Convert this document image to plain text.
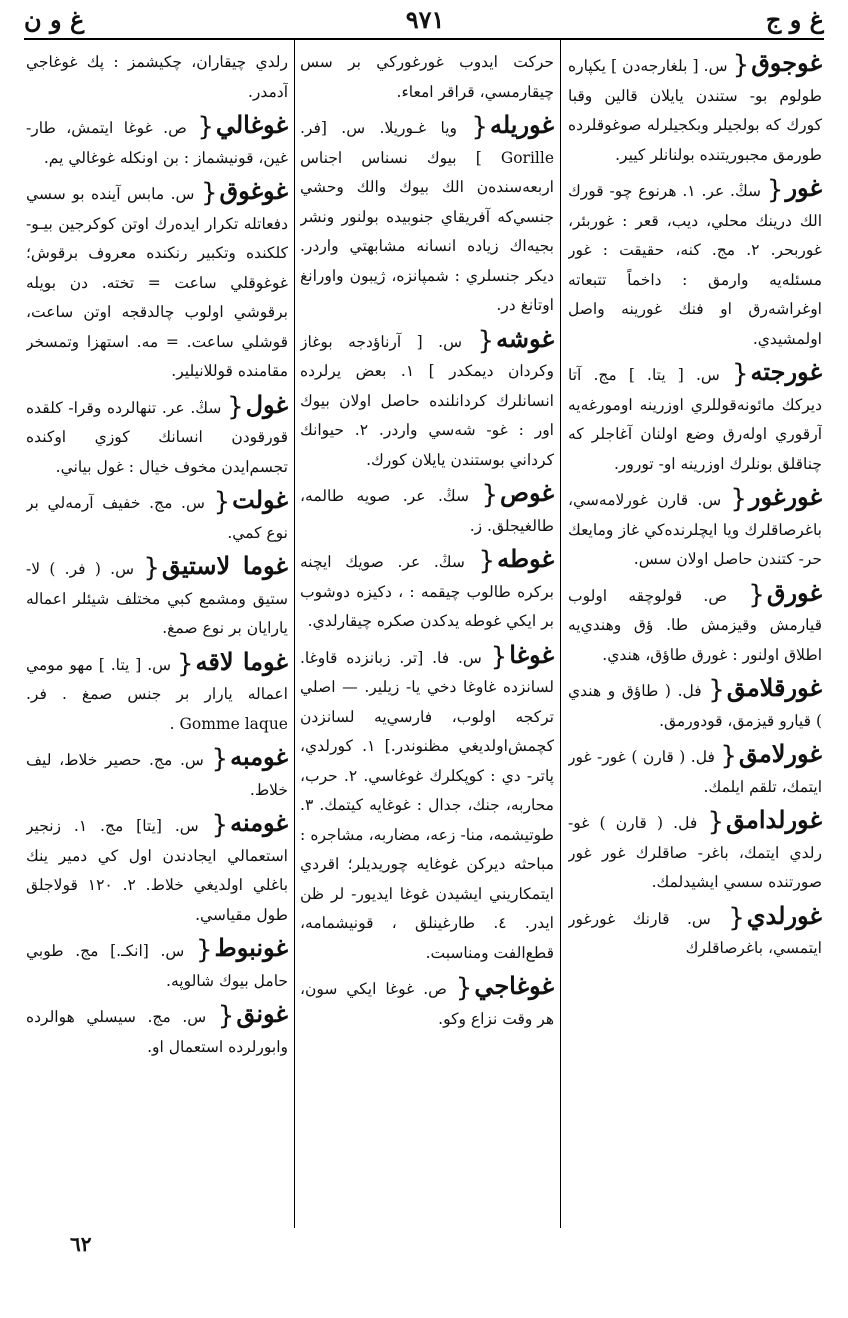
غ و ج
٩٧١
غ و ن

غوجوق{ س. [ بلغارجه‌دن ] يكپاره طولوم بو- ستندن يايلان قالين وقبا كورك كه بولجيلر وبكجيلرله صوغوقلرده طورمق مجبوريتنده بولنانلر كيير.

غور{ سڭ. عر. ١. هرنوع چو- قورك الك درينك محلي، ديب، قعر : غوربئر، غوربحر. ٢. مج. كنه، حقيقت : غور مسئله‌يه وارمق : داخماً تتبعاته اوغراشه‌رق او فنك غورينه واصل اولمشيدي.

غورجته{ س. [ يتا. ] مج. آتا ديركك مائونه‌قوللري اوزرينه اومورغه‌يه آرقوري اوله‌رق وضع اولنان آغاجلر كه چناقلق بونلرك اوزرينه او- تورور.

غورغور{ س. قارن غورلامه‌سي، باغرصاقلرك ويا ايچلرنده‌كي غاز ومايعك حر- كتندن حاصل اولان سس.

غورق{ ص. قولوچقه اولوب قيارمش وقيزمش طا. ؤق وهندي‌يه اطلاق اولنور : غورق طاؤق، هندي.

غورقلامق{ فل. ( طاؤق و هندي ) قيارو قيزمق، قودورمق.

غورلامق{ فل. ( قارن ) غور- غور ايتمك، تلقم ايلمك.

غورلدامق{ فل. ( قارن ) غو- رلدي ايتمك، باغر- صاقلرك غور غور صورتنده سسي ايشيدلمك.

غورلدي{ س. قارنك غورغور ايتمسي، باغرصاقلرك

حركت ايدوب غورغوركي بر سس چيقارمسي، قراقر امعاء.

غوريله{ ويا غـوريلا. س. [فر. Gorille ] بيوك نسناس اجناس اربعه‌سنده‌ن الك بيوك والك وحشي جنسي‌كه آفريقاي جنوبيده بولنور ونشر بجيه‌ا‌ك زياده انسانه مشابهتي واردر. ديكر جنسلري : شمپانزه، ژيبون واورانغ اوتانغ در.

غوشه{ س. [ آرناؤدجه بوغاز وكردان ديمكدر ] ١. بعض يرلرده انسانلرك كردانلنده حاصل اولان بيوك اور : غو- شه‌سي واردر. ٢. حيوانك كرداني بوستندن يايلان كورك.

غوص{ سڭ. عر. صويه طالمه، طالغيجلق. ز.

غوطه{ سڭ. عر. صويك ايچنه بركره طالوب چيقمه : ، دكيزه دوشوب بر ايكي غوطه يدكدن صكره چيقارلدي.

غوغا{ س. فا. [تر. زبانزده قاوغا. لسانزده غاوغا دخي يا- زيلير. — اصلي تركجه اولوب، فارسي‌يه لسانزدن كچمش‌اولديغي مظنوندر.] ١. كورلدي، پاتر- دي : كوپكلرك غوغاسي. ٢. حرب، محاربه، جنك، جدال : غوغايه كيتمك. ٣. طوتيشمه، منا- زعه، مضاربه، مشاجره : مباحثه ديركن غوغايه چوريديلر؛ اقردي ايتمكاريني ايشيدن غوغا ايديور- لر ظن ايدر. ٤. طارغينلق ، قونيشمامه، قطع‌الفت ومناسبت.

غوغاجي{ ص. غوغا ايكي سون، هر وقت نزاع وكو.

رلدي چيقاران، چكيشمز : پك غوغاجي آدمدر.

غوغالي{ ص. غوغا ايتمش، طار- غين، قونيشماز : بن اونكله غوغالي يم.

غوغوق{ س. مابس آينده بو سسي دفعاتله تكرار ايده‌رك اوتن كوكرجين بيـو- كلكنده وتكبير رنكنده معروف برقوش؛ غوغوقلي ساعت = تخته. دن بويله برقوشي اولوب چالدقجه اوتن ساعت، قوشلي ساعت. = مه. استهزا وتمسخر مقامنده قوللانيلير.

غول{ سڭ. عر. تنهالرده وقرا- كلقده قورقودن انسانك كوزي اوكنده تجسم‌ايدن مخوف خيال : غول بياني.

غولت{ س. مج. خفيف آرمه‌لي بر نوع كمي.

غوما لاستيق{ س. ( فر. ) لا- ستيق ومشمع كبي مختلف شيئلر اعماله يارايان بر نوع صمغ.

غوما لاقه{ س. [ يتا. ] مهو مومي اعماله يارار بر جنس صمغ . فر. Gomme laque .

غومبه{ س. مج. حصير خلاط، ليف خلاط.

غومنه{ س. [يتا] مج. ١. زنجير استعمالي ايجادندن اول كي دمير ينك باغلي اولديغي خلاط. ٢. ١٢٠ قولاجلق طول مقياسي.

غونبوط{ س. [انكـ.] مج. طوبي حامل بيوك شالوپه.

غونق{ س. مج. سيسلي هوالرده وابورلرده استعمال او.

٦٢
